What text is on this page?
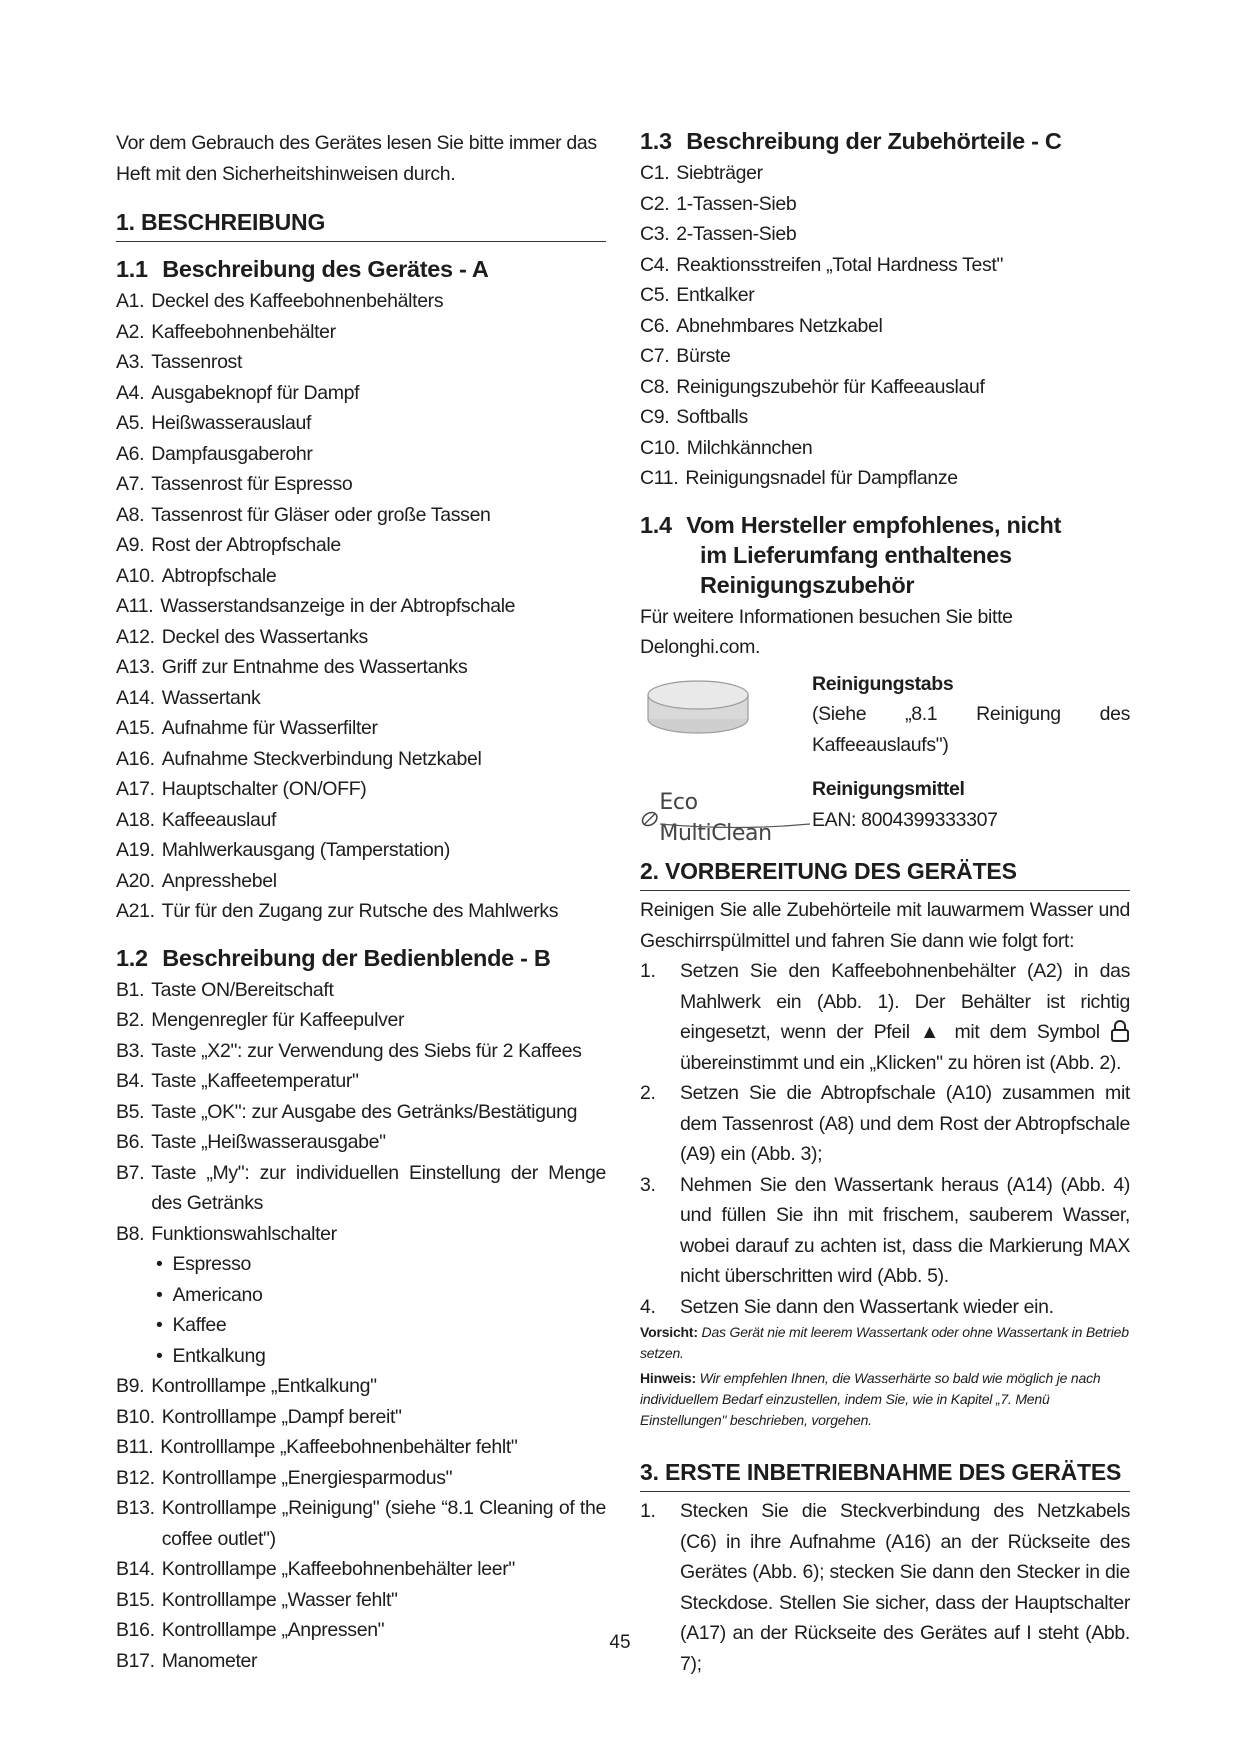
Vor dem Gebrauch des Gerätes lesen Sie bitte immer das Heft mit den Sicherheitshinweisen durch.

1. BESCHREIBUNG
1.1 Beschreibung des Gerätes - A
A1. Deckel des Kaffeebohnenbehälters
A2. Kaffeebohnenbehälter
A3. Tassenrost
A4. Ausgabeknopf für Dampf
A5. Heißwasserauslauf
A6. Dampfausgaberohr
A7. Tassenrost für Espresso
A8. Tassenrost für Gläser oder große Tassen
A9. Rost der Abtropfschale
A10. Abtropfschale
A11. Wasserstandsanzeige in der Abtropfschale
A12. Deckel des Wassertanks
A13. Griff zur Entnahme des Wassertanks
A14. Wassertank
A15. Aufnahme für Wasserfilter
A16. Aufnahme Steckverbindung Netzkabel
A17. Hauptschalter (ON/OFF)
A18. Kaffeeauslauf
A19. Mahlwerkausgang (Tamperstation)
A20. Anpresshebel
A21. Tür für den Zugang zur Rutsche des Mahlwerks
1.2 Beschreibung der Bedienblende - B
B1. Taste ON/Bereitschaft
B2. Mengenregler für Kaffeepulver
B3. Taste „X2": zur Verwendung des Siebs für 2 Kaffees
B4. Taste „Kaffeetemperatur"
B5. Taste „OK": zur Ausgabe des Getränks/Bestätigung
B6. Taste „Heißwasserausgabe"
B7. Taste „My": zur individuellen Einstellung der Menge des Getränks
B8. Funktionswahlschalter
• Espresso
• Americano
• Kaffee
• Entkalkung
B9. Kontrolllampe „Entkalkung"
B10. Kontrolllampe „Dampf bereit"
B11. Kontrolllampe „Kaffeebohnenbehälter fehlt"
B12. Kontrolllampe „Energiesparmodus"
B13. Kontrolllampe „Reinigung" (siehe “8.1 Cleaning of the coffee outlet")
B14. Kontrolllampe „Kaffeebohnenbehälter leer"
B15. Kontrolllampe „Wasser fehlt"
B16. Kontrolllampe „Anpressen"
B17. Manometer
1.3 Beschreibung der Zubehörteile - C
C1. Siebträger
C2. 1-Tassen-Sieb
C3. 2-Tassen-Sieb
C4. Reaktionsstreifen „Total Hardness Test"
C5. Entkalker
C6. Abnehmbares Netzkabel
C7. Bürste
C8. Reinigungszubehör für Kaffeeauslauf
C9. Softballs
C10. Milchkännchen
C11. Reinigungsnadel für Dampflanze
1.4 Vom Hersteller empfohlenes, nicht
im Lieferumfang enthaltenes
Reinigungszubehör
Für weitere Informationen besuchen Sie bitte Delonghi.com.
Reinigungstabs
(Siehe „8.1 Reinigung des Kaffeeauslaufs")
Eco MultiClean
Reinigungsmittel
EAN: 8004399333307
2. VORBEREITUNG DES GERÄTES
Reinigen Sie alle Zubehörteile mit lauwarmem Wasser und Geschirrspülmittel und fahren Sie dann wie folgt fort:
1. Setzen Sie den Kaffeebohnenbehälter (A2) in das Mahlwerk ein (Abb. 1). Der Behälter ist richtig eingesetzt, wenn der Pfeil ▲ mit dem Symbol übereinstimmt und ein „Klicken" zu hören ist (Abb. 2).
2. Setzen Sie die Abtropfschale (A10) zusammen mit dem Tassenrost (A8) und dem Rost der Abtropfschale (A9) ein (Abb. 3);
3. Nehmen Sie den Wassertank heraus (A14) (Abb. 4) und füllen Sie ihn mit frischem, sauberem Wasser, wobei darauf zu achten ist, dass die Markierung MAX nicht überschritten wird (Abb. 5).
4. Setzen Sie dann den Wassertank wieder ein.
Vorsicht: Das Gerät nie mit leerem Wassertank oder ohne Wassertank in Betrieb setzen.
Hinweis: Wir empfehlen Ihnen, die Wasserhärte so bald wie möglich je nach individuellem Bedarf einzustellen, indem Sie, wie in Kapitel „7. Menü Einstellungen" beschrieben, vorgehen.
3. ERSTE INBETRIEBNAHME DES GERÄTES
1. Stecken Sie die Steckverbindung des Netzkabels (C6) in ihre Aufnahme (A16) an der Rückseite des Gerätes (Abb. 6); stecken Sie dann den Stecker in die Steckdose. Stellen Sie sicher, dass der Hauptschalter (A17) an der Rückseite des Gerätes auf I steht (Abb. 7);
45
